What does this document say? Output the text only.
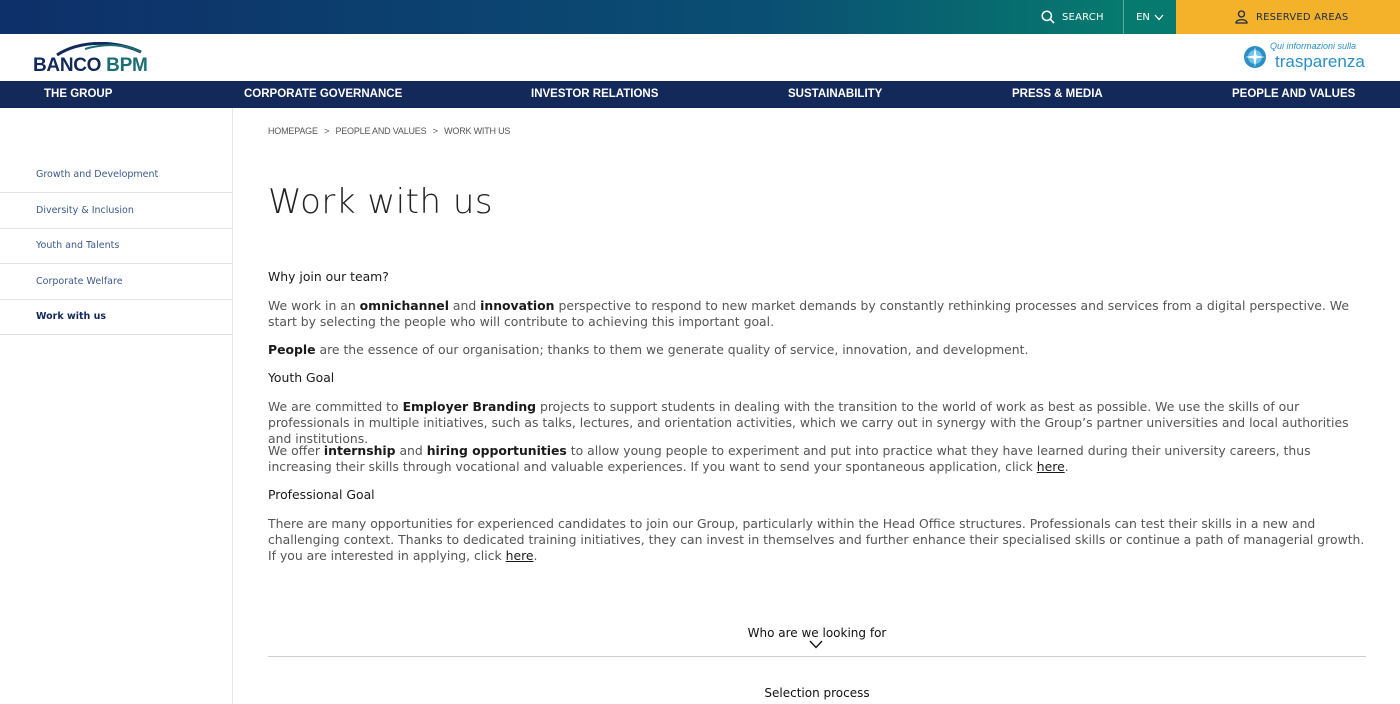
SEARCH	EN	RESERVED AREAS
BANCO BPM
Qui informazioni sulla
trasparenza
THE GROUP	CORPORATE GOVERNANCE	INVESTOR RELATIONS	SUSTAINABILITY	PRESS & MEDIA	PEOPLE AND VALUES
Growth and Development
Diversity & Inclusion
Youth and Talents
Corporate Welfare
Work with us
HOMEPAGE > PEOPLE AND VALUES > WORK WITH US
Work with us

Why join our team?

We work in an omnichannel and innovation perspective to respond to new market demands by constantly rethinking processes and services from a digital perspective. We start by selecting the people who will contribute to achieving this important goal.

People are the essence of our organisation; thanks to them we generate quality of service, innovation, and development.

Youth Goal

We are committed to Employer Branding projects to support students in dealing with the transition to the world of work as best as possible. We use the skills of our professionals in multiple initiatives, such as talks, lectures, and orientation activities, which we carry out in synergy with the Group’s partner universities and local authorities and institutions.

We offer internship and hiring opportunities to allow young people to experiment and put into practice what they have learned during their university careers, thus increasing their skills through vocational and valuable experiences. If you want to send your spontaneous application, click here.

Professional Goal

There are many opportunities for experienced candidates to join our Group, particularly within the Head Office structures. Professionals can test their skills in a new and challenging context. Thanks to dedicated training initiatives, they can invest in themselves and further enhance their specialised skills or continue a path of managerial growth. If you are interested in applying, click here.

Who are we looking for
Selection process
